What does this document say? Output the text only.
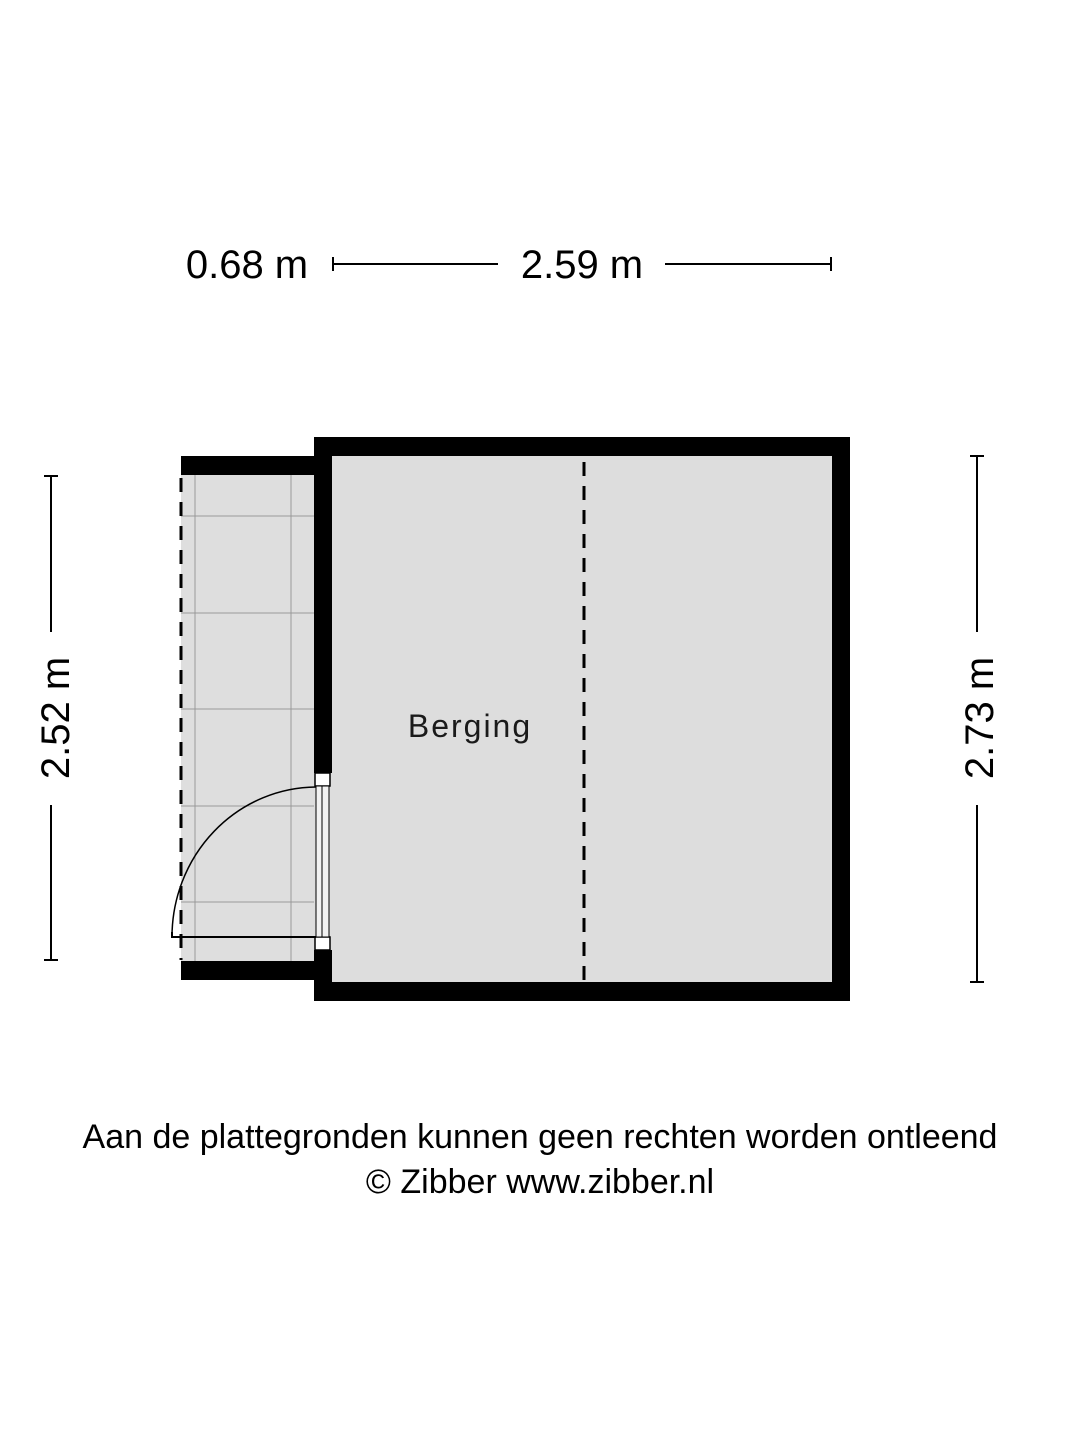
0.68 m	2.59 m
2.52 m	2.73 m
Berging
Aan de plattegronden kunnen geen rechten worden ontleend
© Zibber www.zibber.nl
